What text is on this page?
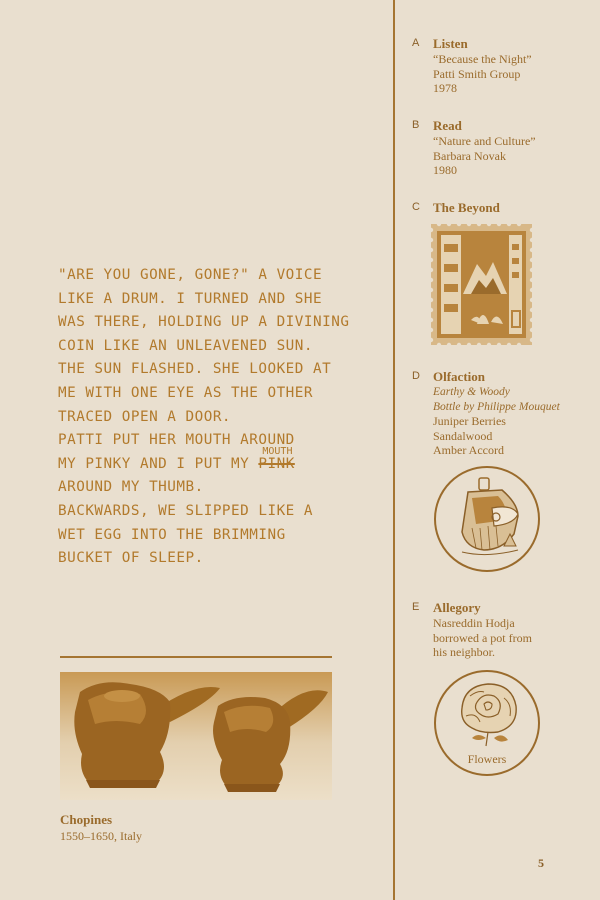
"ARE YOU GONE, GONE?" A VOICE
LIKE A DRUM. I TURNED AND SHE
WAS THERE, HOLDING UP A DIVINING
COIN LIKE AN UNLEAVENED SUN.
THE SUN FLASHED. SHE LOOKED AT
ME WITH ONE EYE AS THE OTHER
TRACED OPEN A DOOR.
PATTI PUT HER MOUTH AROUND
MY PINKY AND I PUT MY PINK
MOUTH
AROUND MY THUMB.
BACKWARDS, WE SLIPPED LIKE A
WET EGG INTO THE BRIMMING
BUCKET OF SLEEP.
Chopines
1550–1650, Italy
A Listen
“Because the Night”
Patti Smith Group
1978
B Read
“Nature and Culture”
Barbara Novak
1980
C The Beyond
D Olfaction
Earthy & Woody
Bottle by Philippe Mouquet
Juniper Berries
Sandalwood
Amber Accord
E Allegory
Nasreddin Hodja
borrowed a pot from
his neighbor.
Flowers
5
